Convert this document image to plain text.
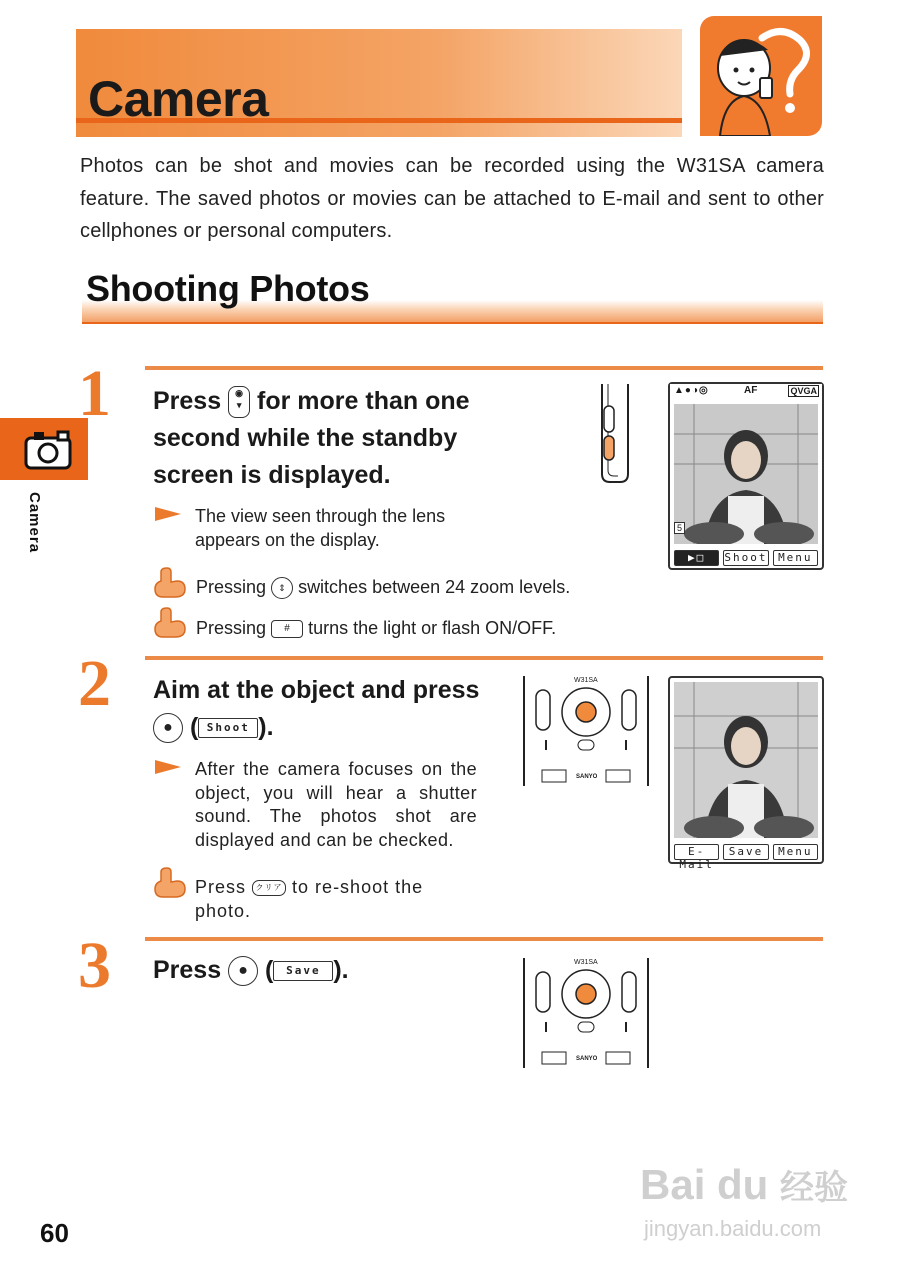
Camera
Photos can be shot and movies can be recorded using the W31SA camera feature. The saved photos or movies can be attached to E-mail and sent to other cellphones or personal computers.
Shooting Photos
Camera
1 Press ◉
▾ for more than one second while the standby screen is displayed.
The view seen through the lens appears on the display.
Pressing ⇕ switches between 24 zoom levels.
Pressing # turns the light or flash ON/OFF.
▲●◑◎	AF	QVGA
5
▶□	Shoot Menu
2 Aim at the object and press
● ( Shoot ).
After the camera focuses on the object, you will hear a shutter sound. The photos shot are displayed and can be checked.
Press クリア to re-shoot the photo.
W31SA
SANYO
E-Mail
Save	Menu
3 Press ● ( Save ).	W31SA
SANYO
60
Bai du 经验
jingyan.baidu.com
